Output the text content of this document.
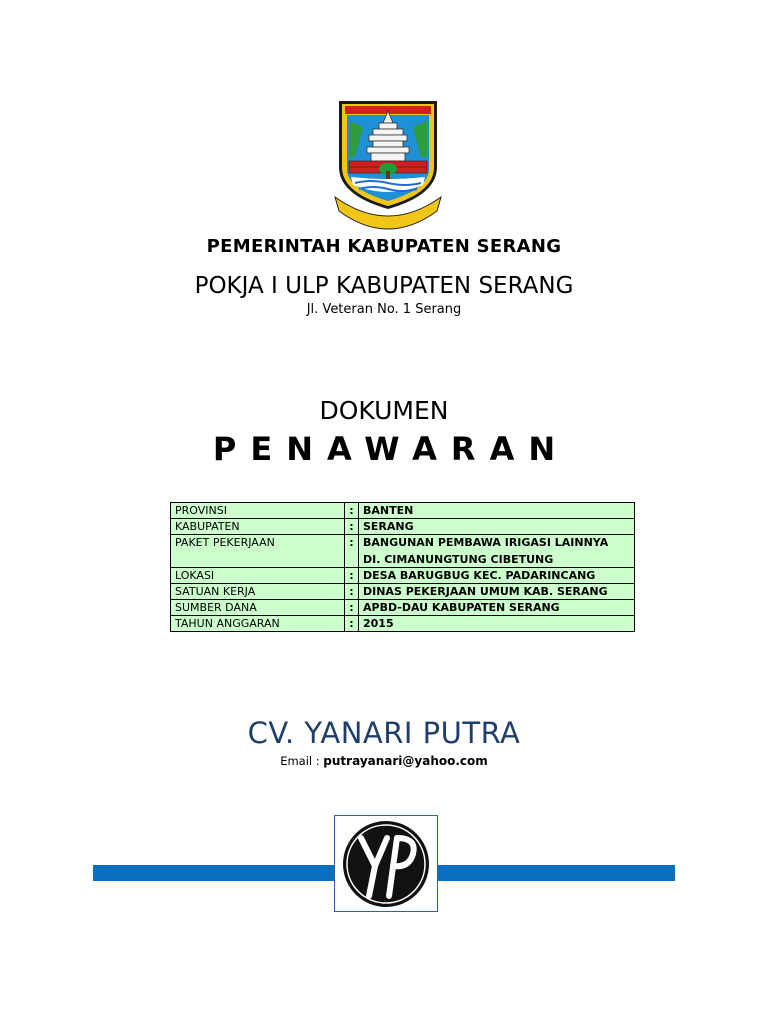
PEMERINTAH KABUPATEN SERANG
POKJA I ULP KABUPATEN SERANG
Jl. Veteran No. 1 Serang
DOKUMEN
PENAWARAN
PROVINSI	:	BANTEN
KABUPATEN	:	SERANG
PAKET PEKERJAAN	:	BANGUNAN PEMBAWA IRIGASI LAINNYA
DI. CIMANUNGTUNG CIBETUNG

LOKASI	:	DESA BARUGBUG KEC. PADARINCANG
SATUAN KERJA	:	DINAS PEKERJAAN UMUM KAB. SERANG
SUMBER DANA	:	APBD-DAU KABUPATEN SERANG
TAHUN ANGGARAN	:	2015
CV. YANARI PUTRA
Email : putrayanari@yahoo.com
